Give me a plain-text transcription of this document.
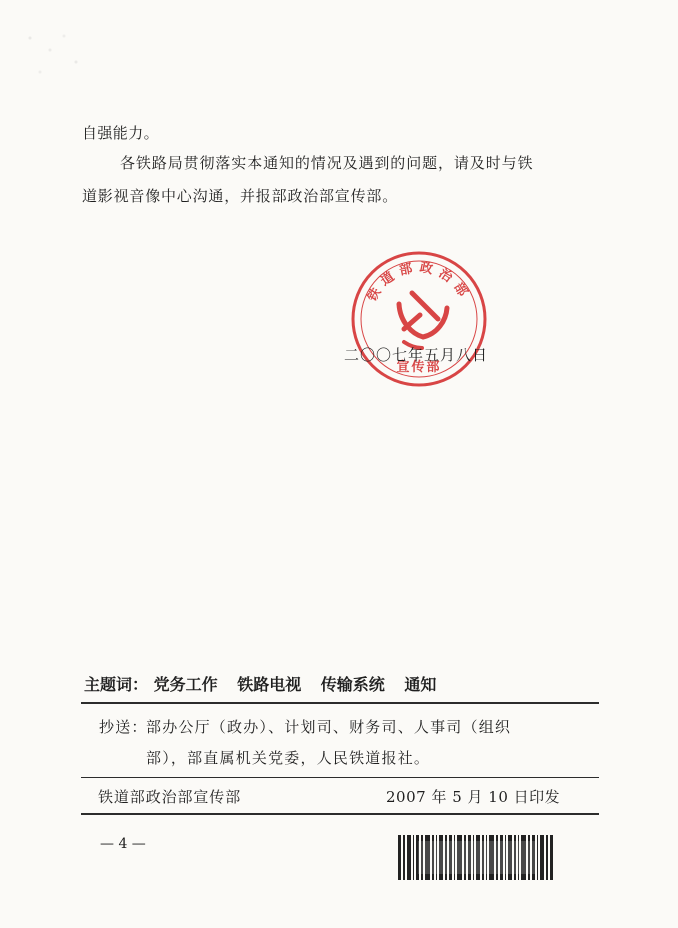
自强能力。
各铁路局贯彻落实本通知的情况及遇到的问题，请及时与铁
道影视音像中心沟通，并报部政治部宣传部。
铁道部政治部
宣传部
二〇〇七年五月八日
主题词： 党务工作 铁路电视 传输系统 通知
抄送：
部办公厅（政办）、计划司、财务司、人事司（组织
部），部直属机关党委，人民铁道报社。
铁道部政治部宣传部	2007 年 5 月 10 日印发
— 4 —
